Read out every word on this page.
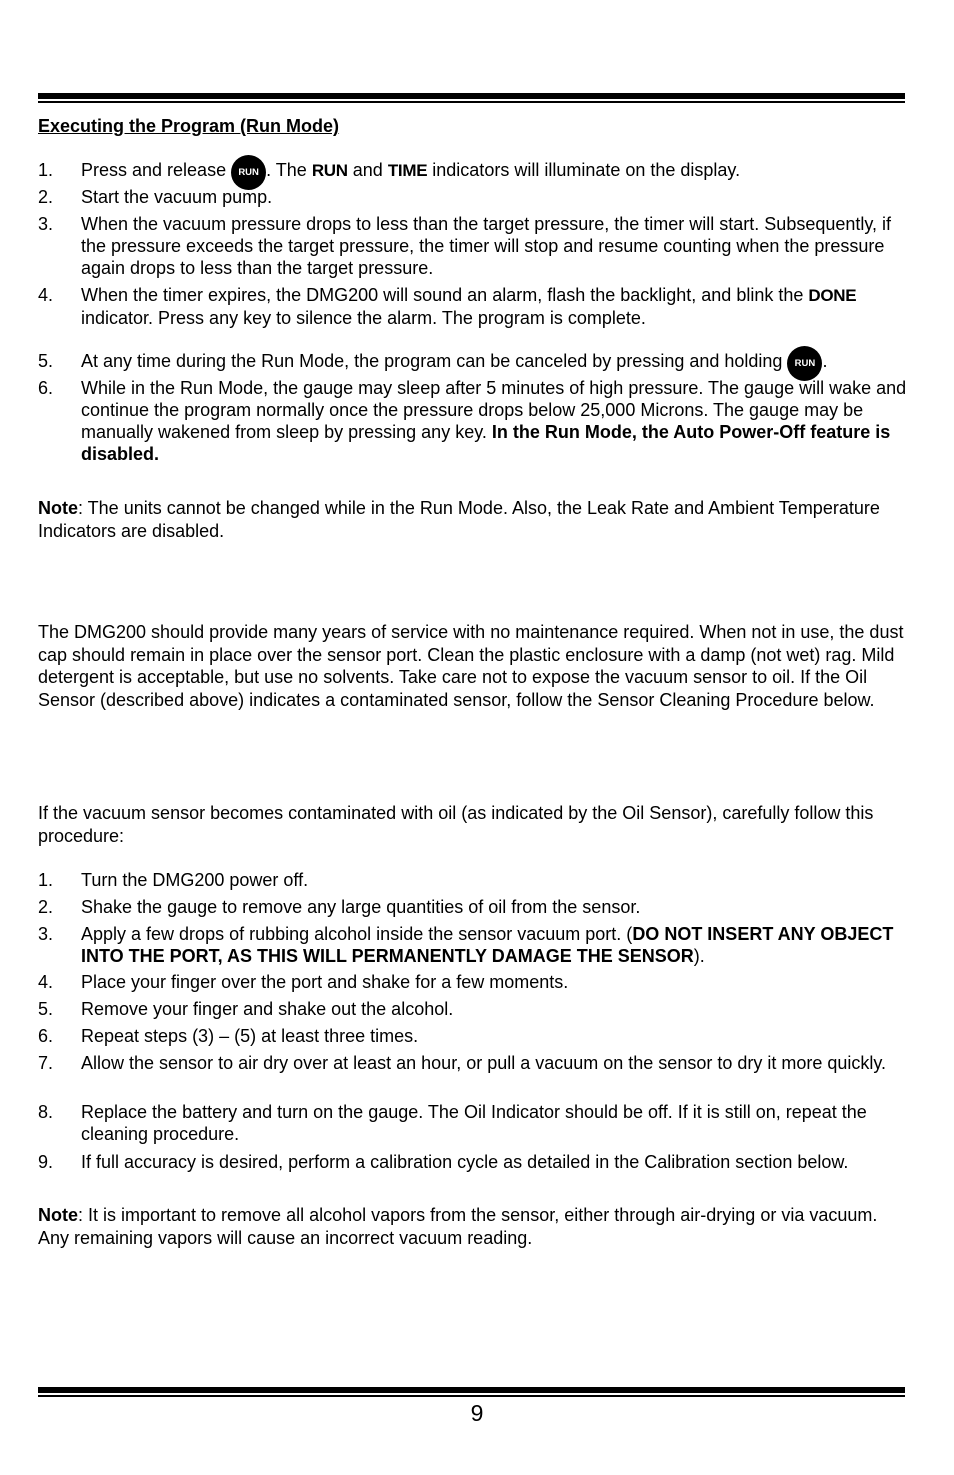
Executing the Program (Run Mode)
1. Press and release RUN . The RUN and TIME indicators will illuminate on the display.
2. Start the vacuum pump.
3. When the vacuum pressure drops to less than the target pressure, the timer will start. Subsequently, if the pressure exceeds the target pressure, the timer will stop and resume counting when the pressure again drops to less than the target pressure.
4. When the timer expires, the DMG200 will sound an alarm, flash the backlight, and blink the DONE indicator. Press any key to silence the alarm. The program is complete.
5. At any time during the Run Mode, the program can be canceled by pressing and holding RUN .
6. While in the Run Mode, the gauge may sleep after 5 minutes of high pressure. The gauge will wake and continue the program normally once the pressure drops below 25,000 Microns. The gauge may be manually wakened from sleep by pressing any key. In the Run Mode, the Auto Power-Off feature is disabled.
Note: The units cannot be changed while in the Run Mode. Also, the Leak Rate and Ambient Temperature Indicators are disabled.
The DMG200 should provide many years of service with no maintenance required. When not in use, the dust cap should remain in place over the sensor port. Clean the plastic enclosure with a damp (not wet) rag. Mild detergent is acceptable, but use no solvents. Take care not to expose the vacuum sensor to oil. If the Oil Sensor (described above) indicates a contaminated sensor, follow the Sensor Cleaning Procedure below.
If the vacuum sensor becomes contaminated with oil (as indicated by the Oil Sensor), carefully follow this procedure:
1. Turn the DMG200 power off.
2. Shake the gauge to remove any large quantities of oil from the sensor.
3. Apply a few drops of rubbing alcohol inside the sensor vacuum port. (DO NOT INSERT ANY OBJECT INTO THE PORT, AS THIS WILL PERMANENTLY DAMAGE THE SENSOR).
4. Place your finger over the port and shake for a few moments.
5. Remove your finger and shake out the alcohol.
6. Repeat steps (3) – (5) at least three times.
7. Allow the sensor to air dry over at least an hour, or pull a vacuum on the sensor to dry it more quickly.
8. Replace the battery and turn on the gauge. The Oil Indicator should be off. If it is still on, repeat the cleaning procedure.
9. If full accuracy is desired, perform a calibration cycle as detailed in the Calibration section below.
Note: It is important to remove all alcohol vapors from the sensor, either through air-drying or via vacuum. Any remaining vapors will cause an incorrect vacuum reading.
9
